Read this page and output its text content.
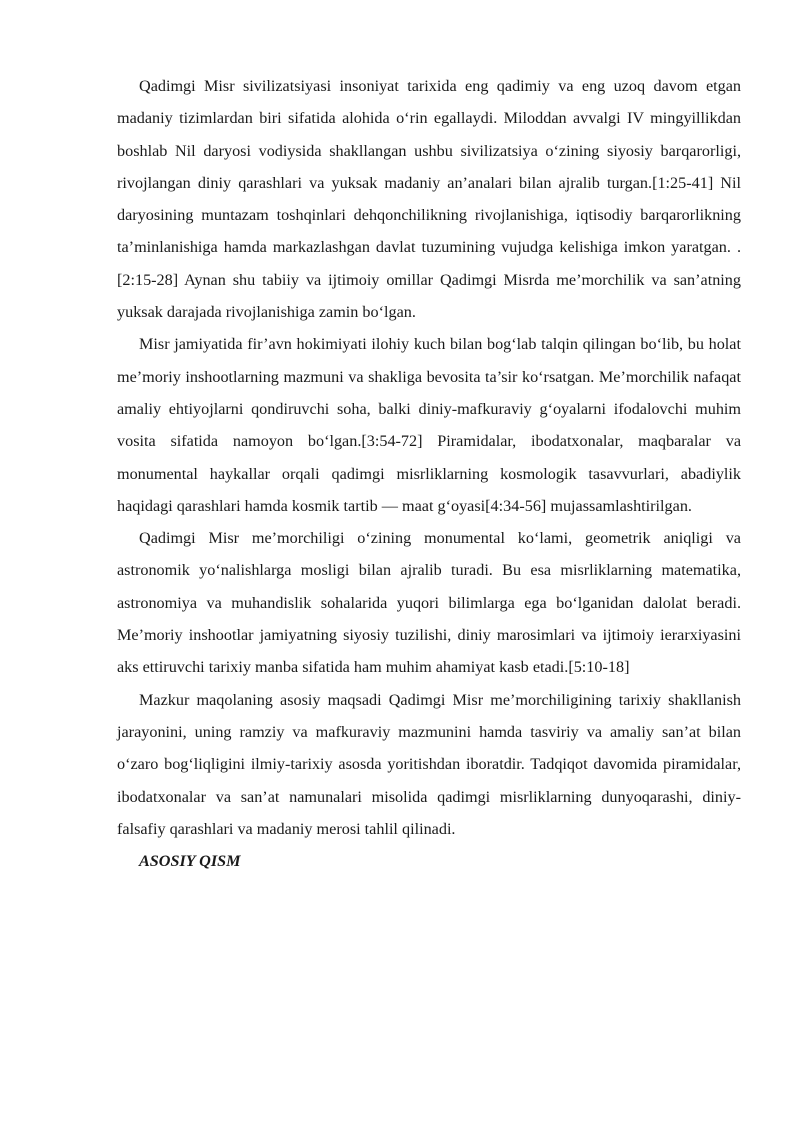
Qadimgi Misr sivilizatsiyasi insoniyat tarixida eng qadimiy va eng uzoq davom etgan madaniy tizimlardan biri sifatida alohida o‘rin egallaydi. Miloddan avvalgi IV mingyillikdan boshlab Nil daryosi vodiysida shakllangan ushbu sivilizatsiya o‘zining siyosiy barqarorligi, rivojlangan diniy qarashlari va yuksak madaniy an’analari bilan ajralib turgan.[1:25-41] Nil daryosining muntazam toshqinlari dehqonchilikning rivojlanishiga, iqtisodiy barqarorlikning ta’minlanishiga hamda markazlashgan davlat tuzumining vujudga kelishiga imkon yaratgan. .[2:15-28] Aynan shu tabiiy va ijtimoiy omillar Qadimgi Misrda me’morchilik va san’atning yuksak darajada rivojlanishiga zamin bo‘lgan.

Misr jamiyatida fir’avn hokimiyati ilohiy kuch bilan bog‘lab talqin qilingan bo‘lib, bu holat me’moriy inshootlarning mazmuni va shakliga bevosita ta’sir ko‘rsatgan. Me’morchilik nafaqat amaliy ehtiyojlarni qondiruvchi soha, balki diniy-mafkuraviy g‘oyalarni ifodalovchi muhim vosita sifatida namoyon bo‘lgan.[3:54-72] Piramidalar, ibodatxonalar, maqbaralar va monumental haykallar orqali qadimgi misrliklarning kosmologik tasavvurlari, abadiylik haqidagi qarashlari hamda kosmik tartib — maat g‘oyasi[4:34-56] mujassamlashtirilgan.

Qadimgi Misr me’morchiligi o‘zining monumental ko‘lami, geometrik aniqligi va astronomik yo‘nalishlarga mosligi bilan ajralib turadi. Bu esa misrliklarning matematika, astronomiya va muhandislik sohalarida yuqori bilimlarga ega bo‘lganidan dalolat beradi. Me’moriy inshootlar jamiyatning siyosiy tuzilishi, diniy marosimlari va ijtimoiy ierarxiyasini aks ettiruvchi tarixiy manba sifatida ham muhim ahamiyat kasb etadi.[5:10-18]

Mazkur maqolaning asosiy maqsadi Qadimgi Misr me’morchiligining tarixiy shakllanish jarayonini, uning ramziy va mafkuraviy mazmunini hamda tasviriy va amaliy san’at bilan o‘zaro bog‘liqligini ilmiy-tarixiy asosda yoritishdan iboratdir. Tadqiqot davomida piramidalar, ibodatxonalar va san’at namunalari misolida qadimgi misrliklarning dunyoqarashi, diniy-falsafiy qarashlari va madaniy merosi tahlil qilinadi.

ASOSIY QISM
